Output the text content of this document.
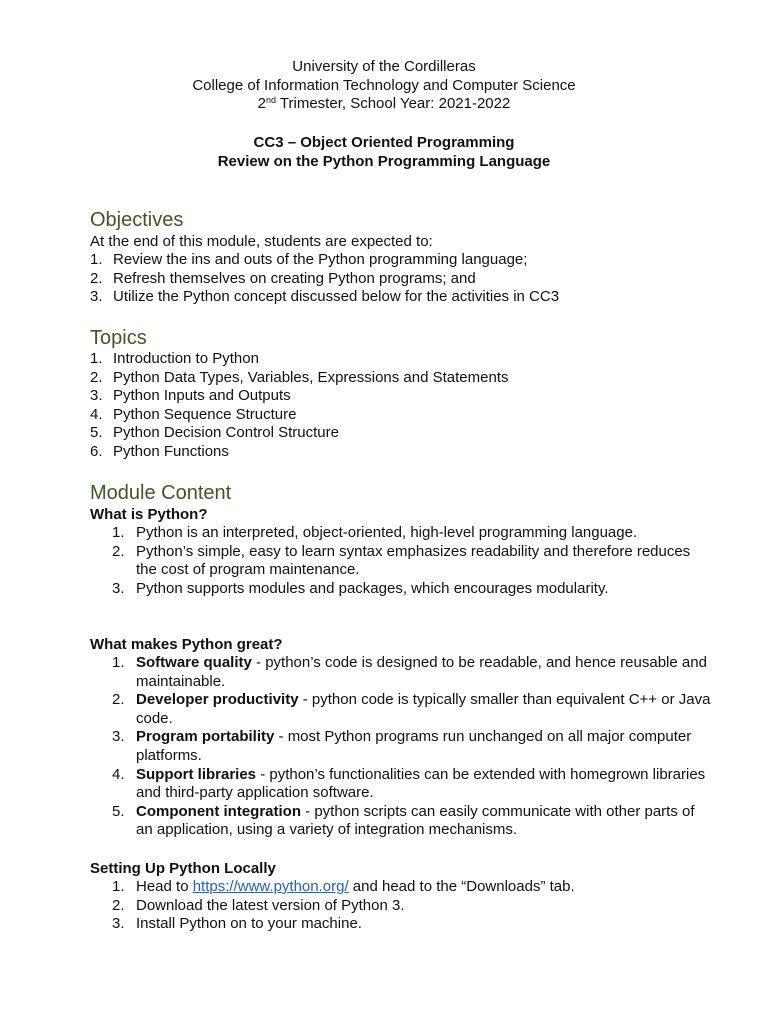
University of the Cordilleras
College of Information Technology and Computer Science
2nd Trimester, School Year: 2021-2022
CC3 – Object Oriented Programming
Review on the Python Programming Language
Objectives
At the end of this module, students are expected to:
1. Review the ins and outs of the Python programming language;
2. Refresh themselves on creating Python programs; and
3. Utilize the Python concept discussed below for the activities in CC3
Topics
1. Introduction to Python
2. Python Data Types, Variables, Expressions and Statements
3. Python Inputs and Outputs
4. Python Sequence Structure
5. Python Decision Control Structure
6. Python Functions
Module Content
What is Python?
1. Python is an interpreted, object-oriented, high-level programming language.
2. Python’s simple, easy to learn syntax emphasizes readability and therefore reduces the cost of program maintenance.
3. Python supports modules and packages, which encourages modularity.
What makes Python great?
1. Software quality - python’s code is designed to be readable, and hence reusable and maintainable.
2. Developer productivity - python code is typically smaller than equivalent C++ or Java code.
3. Program portability - most Python programs run unchanged on all major computer platforms.
4. Support libraries - python’s functionalities can be extended with homegrown libraries and third-party application software.
5. Component integration - python scripts can easily communicate with other parts of an application, using a variety of integration mechanisms.
Setting Up Python Locally
1. Head to https://www.python.org/ and head to the “Downloads” tab.
2. Download the latest version of Python 3.
3. Install Python on to your machine.
